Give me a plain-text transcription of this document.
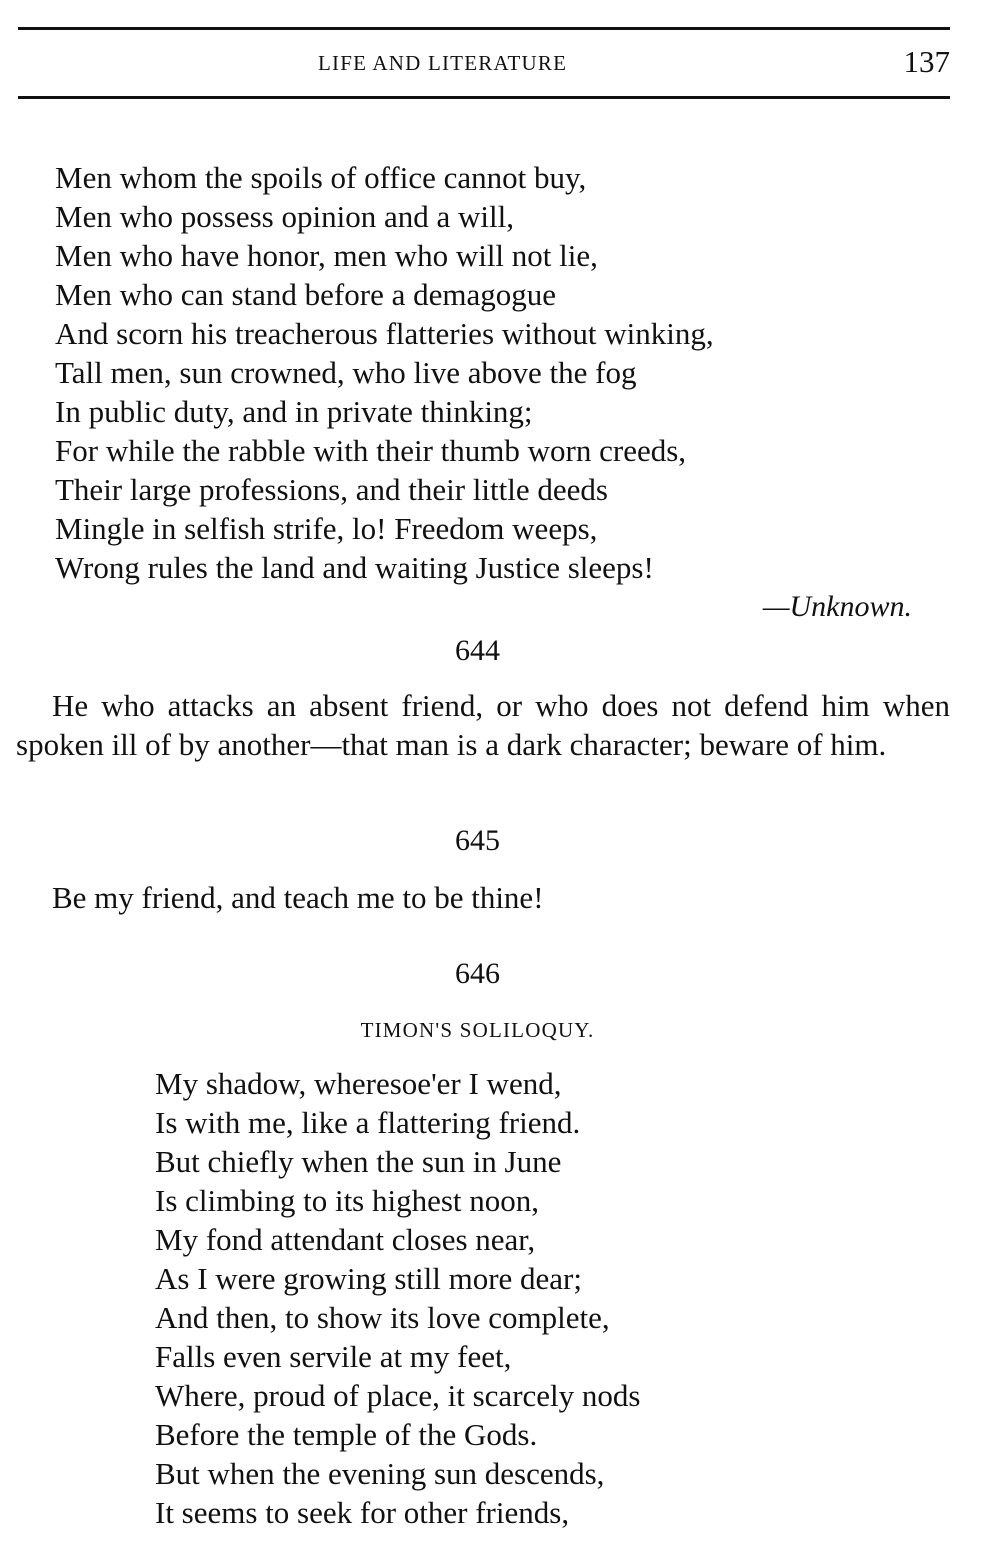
LIFE AND LITERATURE	137
Men whom the spoils of office cannot buy,
Men who possess opinion and a will,
Men who have honor, men who will not lie,
Men who can stand before a demagogue
And scorn his treacherous flatteries without winking,
Tall men, sun crowned, who live above the fog
In public duty, and in private thinking;
For while the rabble with their thumb worn creeds,
Their large professions, and their little deeds
Mingle in selfish strife, lo! Freedom weeps,
Wrong rules the land and waiting Justice sleeps!
—Unknown.
644
He who attacks an absent friend, or who does not defend him when spoken ill of by another—that man is a dark character; beware of him.
645
Be my friend, and teach me to be thine!
646
TIMON'S SOLILOQUY.
My shadow, wheresoe'er I wend,
Is with me, like a flattering friend.
But chiefly when the sun in June
Is climbing to its highest noon,
My fond attendant closes near,
As I were growing still more dear;
And then, to show its love complete,
Falls even servile at my feet,
Where, proud of place, it scarcely nods
Before the temple of the Gods.
But when the evening sun descends,
It seems to seek for other friends,
